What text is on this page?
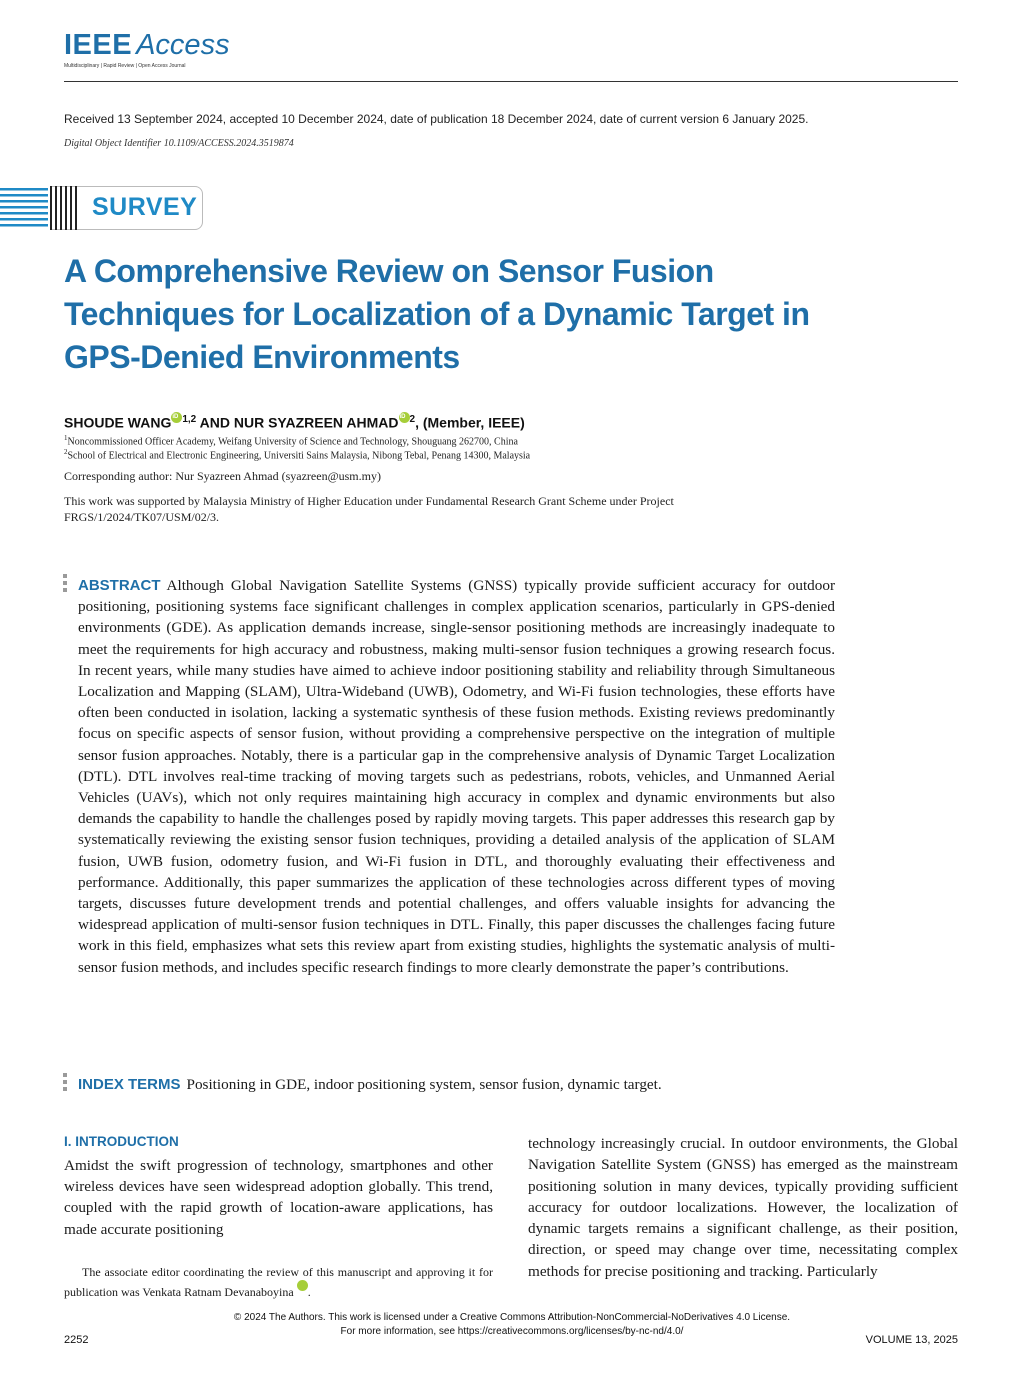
IEEE Access
Multidisciplinary | Rapid Review | Open Access Journal
Received 13 September 2024, accepted 10 December 2024, date of publication 18 December 2024, date of current version 6 January 2025.
Digital Object Identifier 10.1109/ACCESS.2024.3519874
SURVEY
A Comprehensive Review on Sensor Fusion Techniques for Localization of a Dynamic Target in GPS-Denied Environments
SHOUDE WANG iD $^{1,2}$ AND NUR SYAZREEN AHMAD iD $^2$, (Member, IEEE)
$^1$Noncommissioned Officer Academy, Weifang University of Science and Technology, Shouguang 262700, China
$^2$School of Electrical and Electronic Engineering, Universiti Sains Malaysia, Nibong Tebal, Penang 14300, Malaysia
Corresponding author: Nur Syazreen Ahmad (syazreen@usm.my)
This work was supported by Malaysia Ministry of Higher Education under Fundamental Research Grant Scheme under Project FRGS/1/2024/TK07/USM/02/3.
ABSTRACT Although Global Navigation Satellite Systems (GNSS) typically provide sufficient accuracy for outdoor positioning, positioning systems face significant challenges in complex application scenarios, particularly in GPS-denied environments (GDE). As application demands increase, single-sensor positioning methods are increasingly inadequate to meet the requirements for high accuracy and robustness, making multi-sensor fusion techniques a growing research focus. In recent years, while many studies have aimed to achieve indoor positioning stability and reliability through Simultaneous Localization and Mapping (SLAM), Ultra-Wideband (UWB), Odometry, and Wi-Fi fusion technologies, these efforts have often been conducted in isolation, lacking a systematic synthesis of these fusion methods. Existing reviews predominantly focus on specific aspects of sensor fusion, without providing a comprehensive perspective on the integration of multiple sensor fusion approaches. Notably, there is a particular gap in the comprehensive analysis of Dynamic Target Localization (DTL). DTL involves real-time tracking of moving targets such as pedestrians, robots, vehicles, and Unmanned Aerial Vehicles (UAVs), which not only requires maintaining high accuracy in complex and dynamic environments but also demands the capability to handle the challenges posed by rapidly moving targets. This paper addresses this research gap by systematically reviewing the existing sensor fusion techniques, providing a detailed analysis of the application of SLAM fusion, UWB fusion, odometry fusion, and Wi-Fi fusion in DTL, and thoroughly evaluating their effectiveness and performance. Additionally, this paper summarizes the application of these technologies across different types of moving targets, discusses future development trends and potential challenges, and offers valuable insights for advancing the widespread application of multi-sensor fusion techniques in DTL. Finally, this paper discusses the challenges facing future work in this field, emphasizes what sets this review apart from existing studies, highlights the systematic analysis of multi-sensor fusion methods, and includes specific research findings to more clearly demonstrate the paper’s contributions.
INDEX TERMS Positioning in GDE, indoor positioning system, sensor fusion, dynamic target.
I. INTRODUCTION
Amidst the swift progression of technology, smartphones and other wireless devices have seen widespread adoption globally. This trend, coupled with the rapid growth of location-aware applications, has made accurate positioning
The associate editor coordinating the review of this manuscript and approving it for publication was Venkata Ratnam Devanaboyina iD
technology increasingly crucial. In outdoor environments, the Global Navigation Satellite System (GNSS) has emerged as the mainstream positioning solution in many devices, typically providing sufficient accuracy for outdoor localizations. However, the localization of dynamic targets remains a significant challenge, as their position, direction, or speed may change over time, necessitating complex methods for precise positioning and tracking. Particularly
© 2024 The Authors. This work is licensed under a Creative Commons Attribution-NonCommercial-NoDerivatives 4.0 License.
For more information, see https://creativecommons.org/licenses/by-nc-nd/4.0/
2252	VOLUME 13, 2025
